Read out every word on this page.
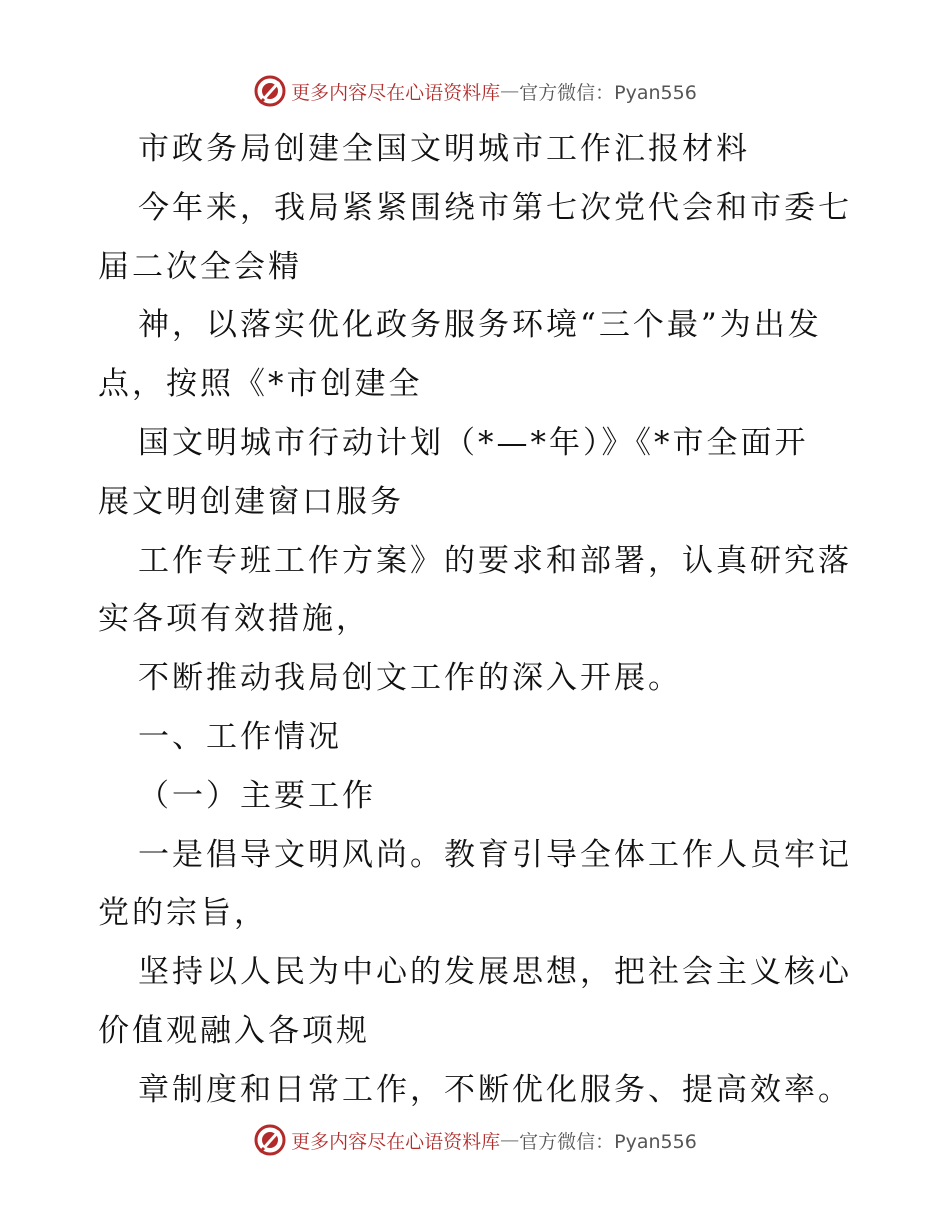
更多内容尽在心语资料库 — 官方微信：Pyan556

市政务局创建全国文明城市工作汇报材料

今年来，我局紧紧围绕市第七次党代会和市委七

届二次全会精

神，以落实优化政务服务环境“三个最”为出发

点，按照《*市创建全

国文明城市行动计划（*—*年）》《*市全面开

展文明创建窗口服务

工作专班工作方案》的要求和部署，认真研究落

实各项有效措施，

不断推动我局创文工作的深入开展。

一、工作情况

（一）主要工作

一是倡导文明风尚。教育引导全体工作人员牢记

党的宗旨，

坚持以人民为中心的发展思想，把社会主义核心

价值观融入各项规

章制度和日常工作，不断优化服务、提高效率。

更多内容尽在心语资料库 — 官方微信：Pyan556
